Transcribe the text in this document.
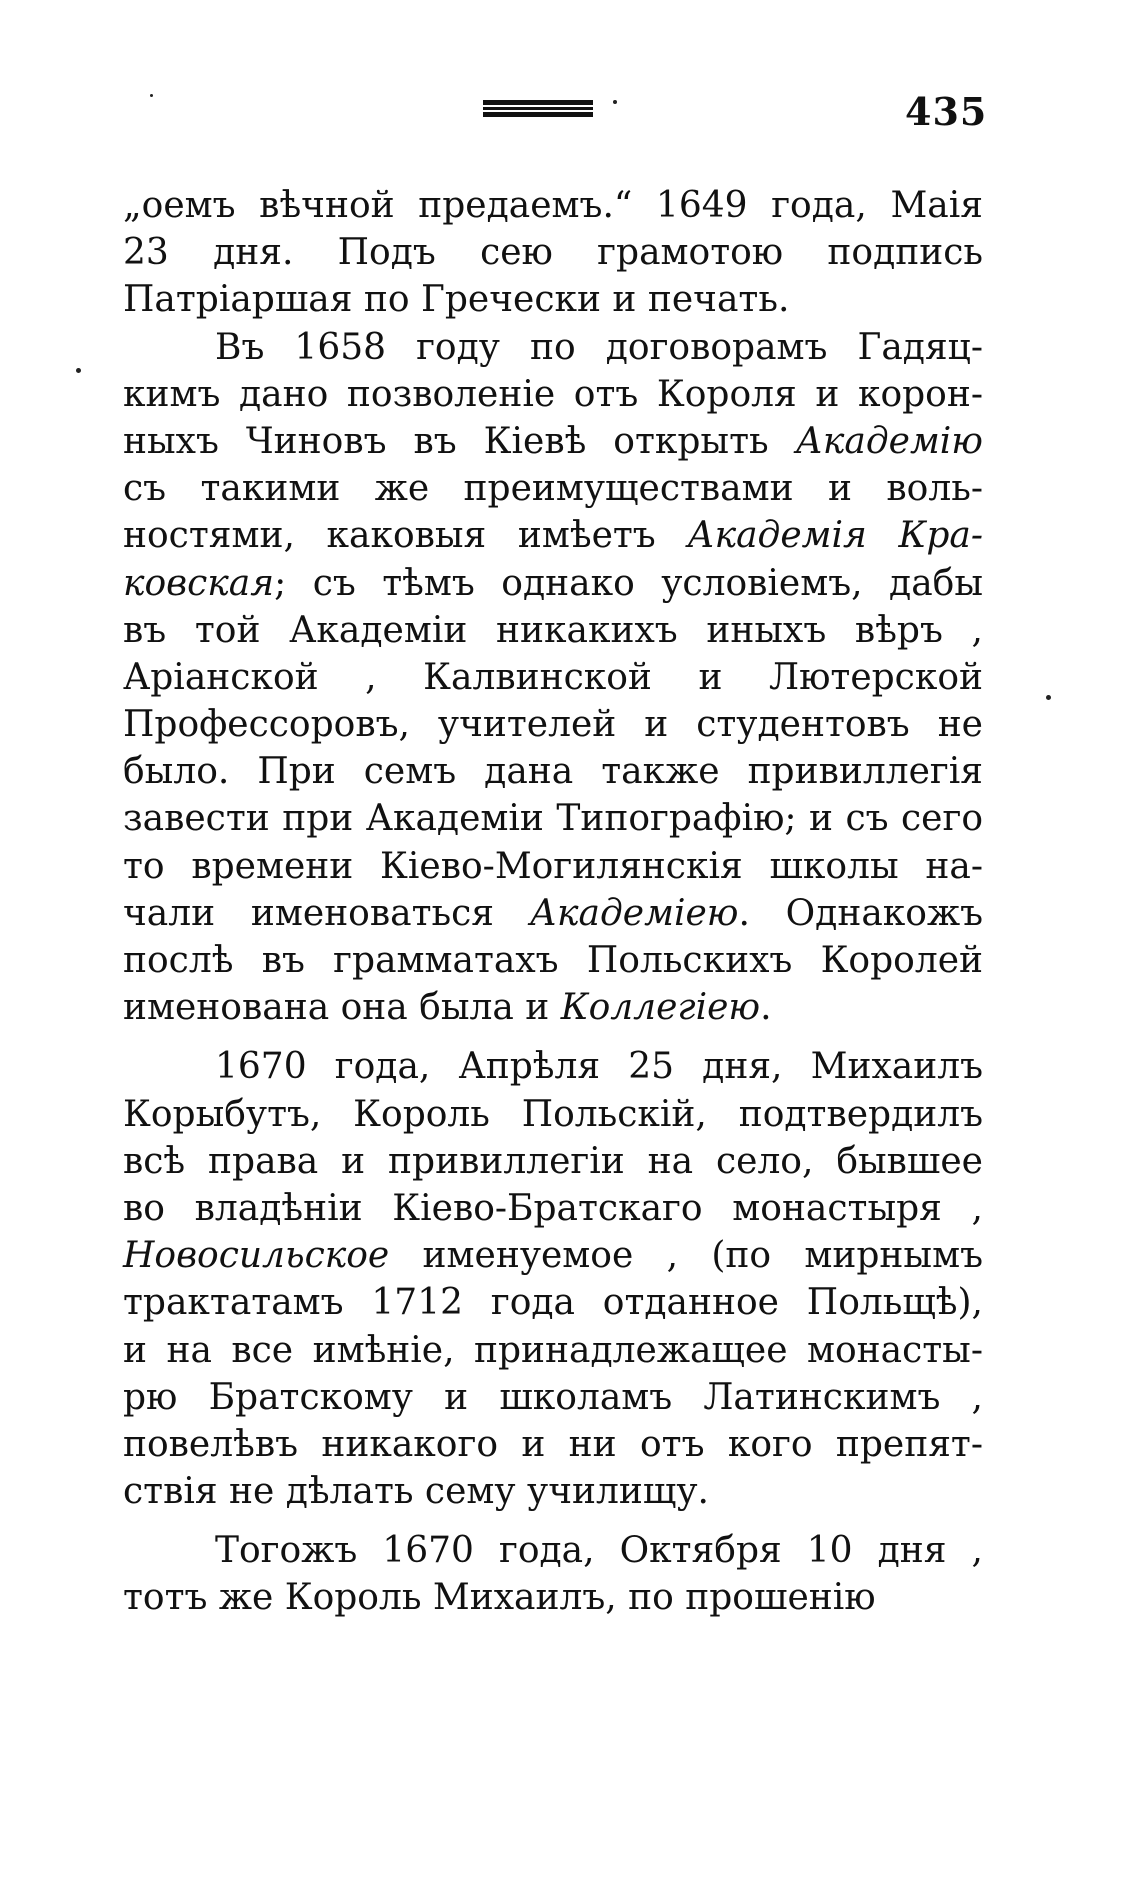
435
„оемъ вѣчной предаемъ.“ 1649 года, Маія
23 дня. Подъ сею грамотою подпись
Патріаршая по Гречески и печать.
Въ 1658 году по договорамъ Гадяц-
кимъ дано позволеніе отъ Короля и корон-
ныхъ Чиновъ въ Кіевѣ открыть Академію
съ такими же преимуществами и воль-
ностями, каковыя имѣетъ Академія Кра-
ковская; съ тѣмъ однако условіемъ, дабы
въ той Академіи никакихъ иныхъ вѣръ ,
Аріанской , Калвинской и Лютерской
Профессоровъ, учителей и студентовъ не
было. При семъ дана также привиллегія
завести при Академіи Типографію; и съ сего
то времени Кіево-Могилянскія школы на-
чали именоваться Академіею. Однакожъ
послѣ въ грамматахъ Польскихъ Королей
именована она была и Коллегіею.
1670 года, Апрѣля 25 дня, Михаилъ
Корыбутъ, Король Польскій, подтвердилъ
всѣ права и привиллегіи на село, бывшее
во владѣніи Кіево-Братскаго монастыря ,
Новосильское именуемое , (по мирнымъ
трактатамъ 1712 года отданное Польщѣ),
и на все имѣніе, принадлежащее монасты-
рю Братскому и школамъ Латинскимъ ,
повелѣвъ никакого и ни отъ кого препят-
ствія не дѣлать сему училищу.
Тогожъ 1670 года, Октября 10 дня ,
тотъ же Король Михаилъ, по прошенію
